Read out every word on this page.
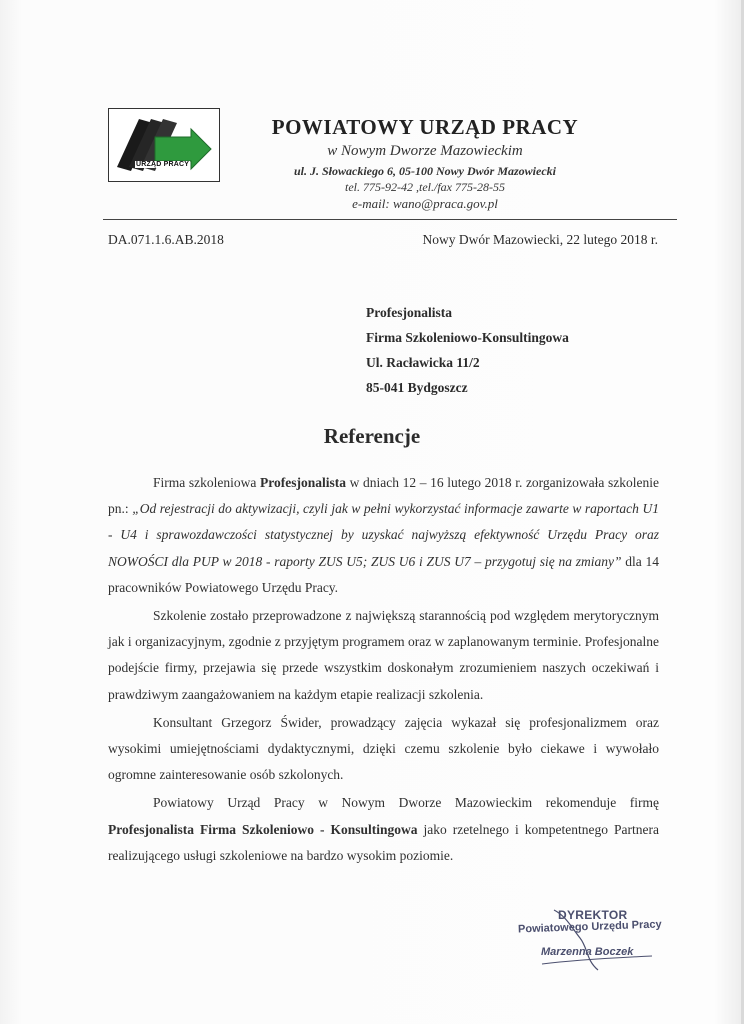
URZĄD PRACY
POWIATOWY URZĄD PRACY
w Nowym Dworze Mazowieckim
ul. J. Słowackiego 6, 05-100 Nowy Dwór Mazowiecki
tel. 775-92-42 ,tel./fax 775-28-55
e-mail: wano@praca.gov.pl
DA.071.1.6.AB.2018	Nowy Dwór Mazowiecki, 22 lutego 2018 r.
Profesjonalista
Firma Szkoleniowo-Konsultingowa
Ul. Racławicka 11/2
85-041 Bydgoszcz
Referencje

Firma szkoleniowa Profesjonalista w dniach 12 – 16 lutego 2018 r. zorganizowała szkolenie pn.: „Od rejestracji do aktywizacji, czyli jak w pełni wykorzystać informacje zawarte w raportach U1 - U4 i sprawozdawczości statystycznej by uzyskać najwyższą efektywność Urzędu Pracy oraz NOWOŚCI dla PUP w 2018 - raporty ZUS U5; ZUS U6 i ZUS U7 – przygotuj się na zmiany” dla 14 pracowników Powiatowego Urzędu Pracy.

Szkolenie zostało przeprowadzone z największą starannością pod względem merytorycznym jak i organizacyjnym, zgodnie z przyjętym programem oraz w zaplanowanym terminie. Profesjonalne podejście firmy, przejawia się przede wszystkim doskonałym zrozumieniem naszych oczekiwań i prawdziwym zaangażowaniem na każdym etapie realizacji szkolenia.

Konsultant Grzegorz Świder, prowadzący zajęcia wykazał się profesjonalizmem oraz wysokimi umiejętnościami dydaktycznymi, dzięki czemu szkolenie było ciekawe i wywołało ogromne zainteresowanie osób szkolonych.

Powiatowy Urząd Pracy w Nowym Dworze Mazowieckim rekomenduje firmę Profesjonalista Firma Szkoleniowo - Konsultingowa jako rzetelnego i kompetentnego Partnera realizującego usługi szkoleniowe na bardzo wysokim poziomie.

DYREKTOR
Powiatowego Urzędu Pracy
Marzenna Boczek
